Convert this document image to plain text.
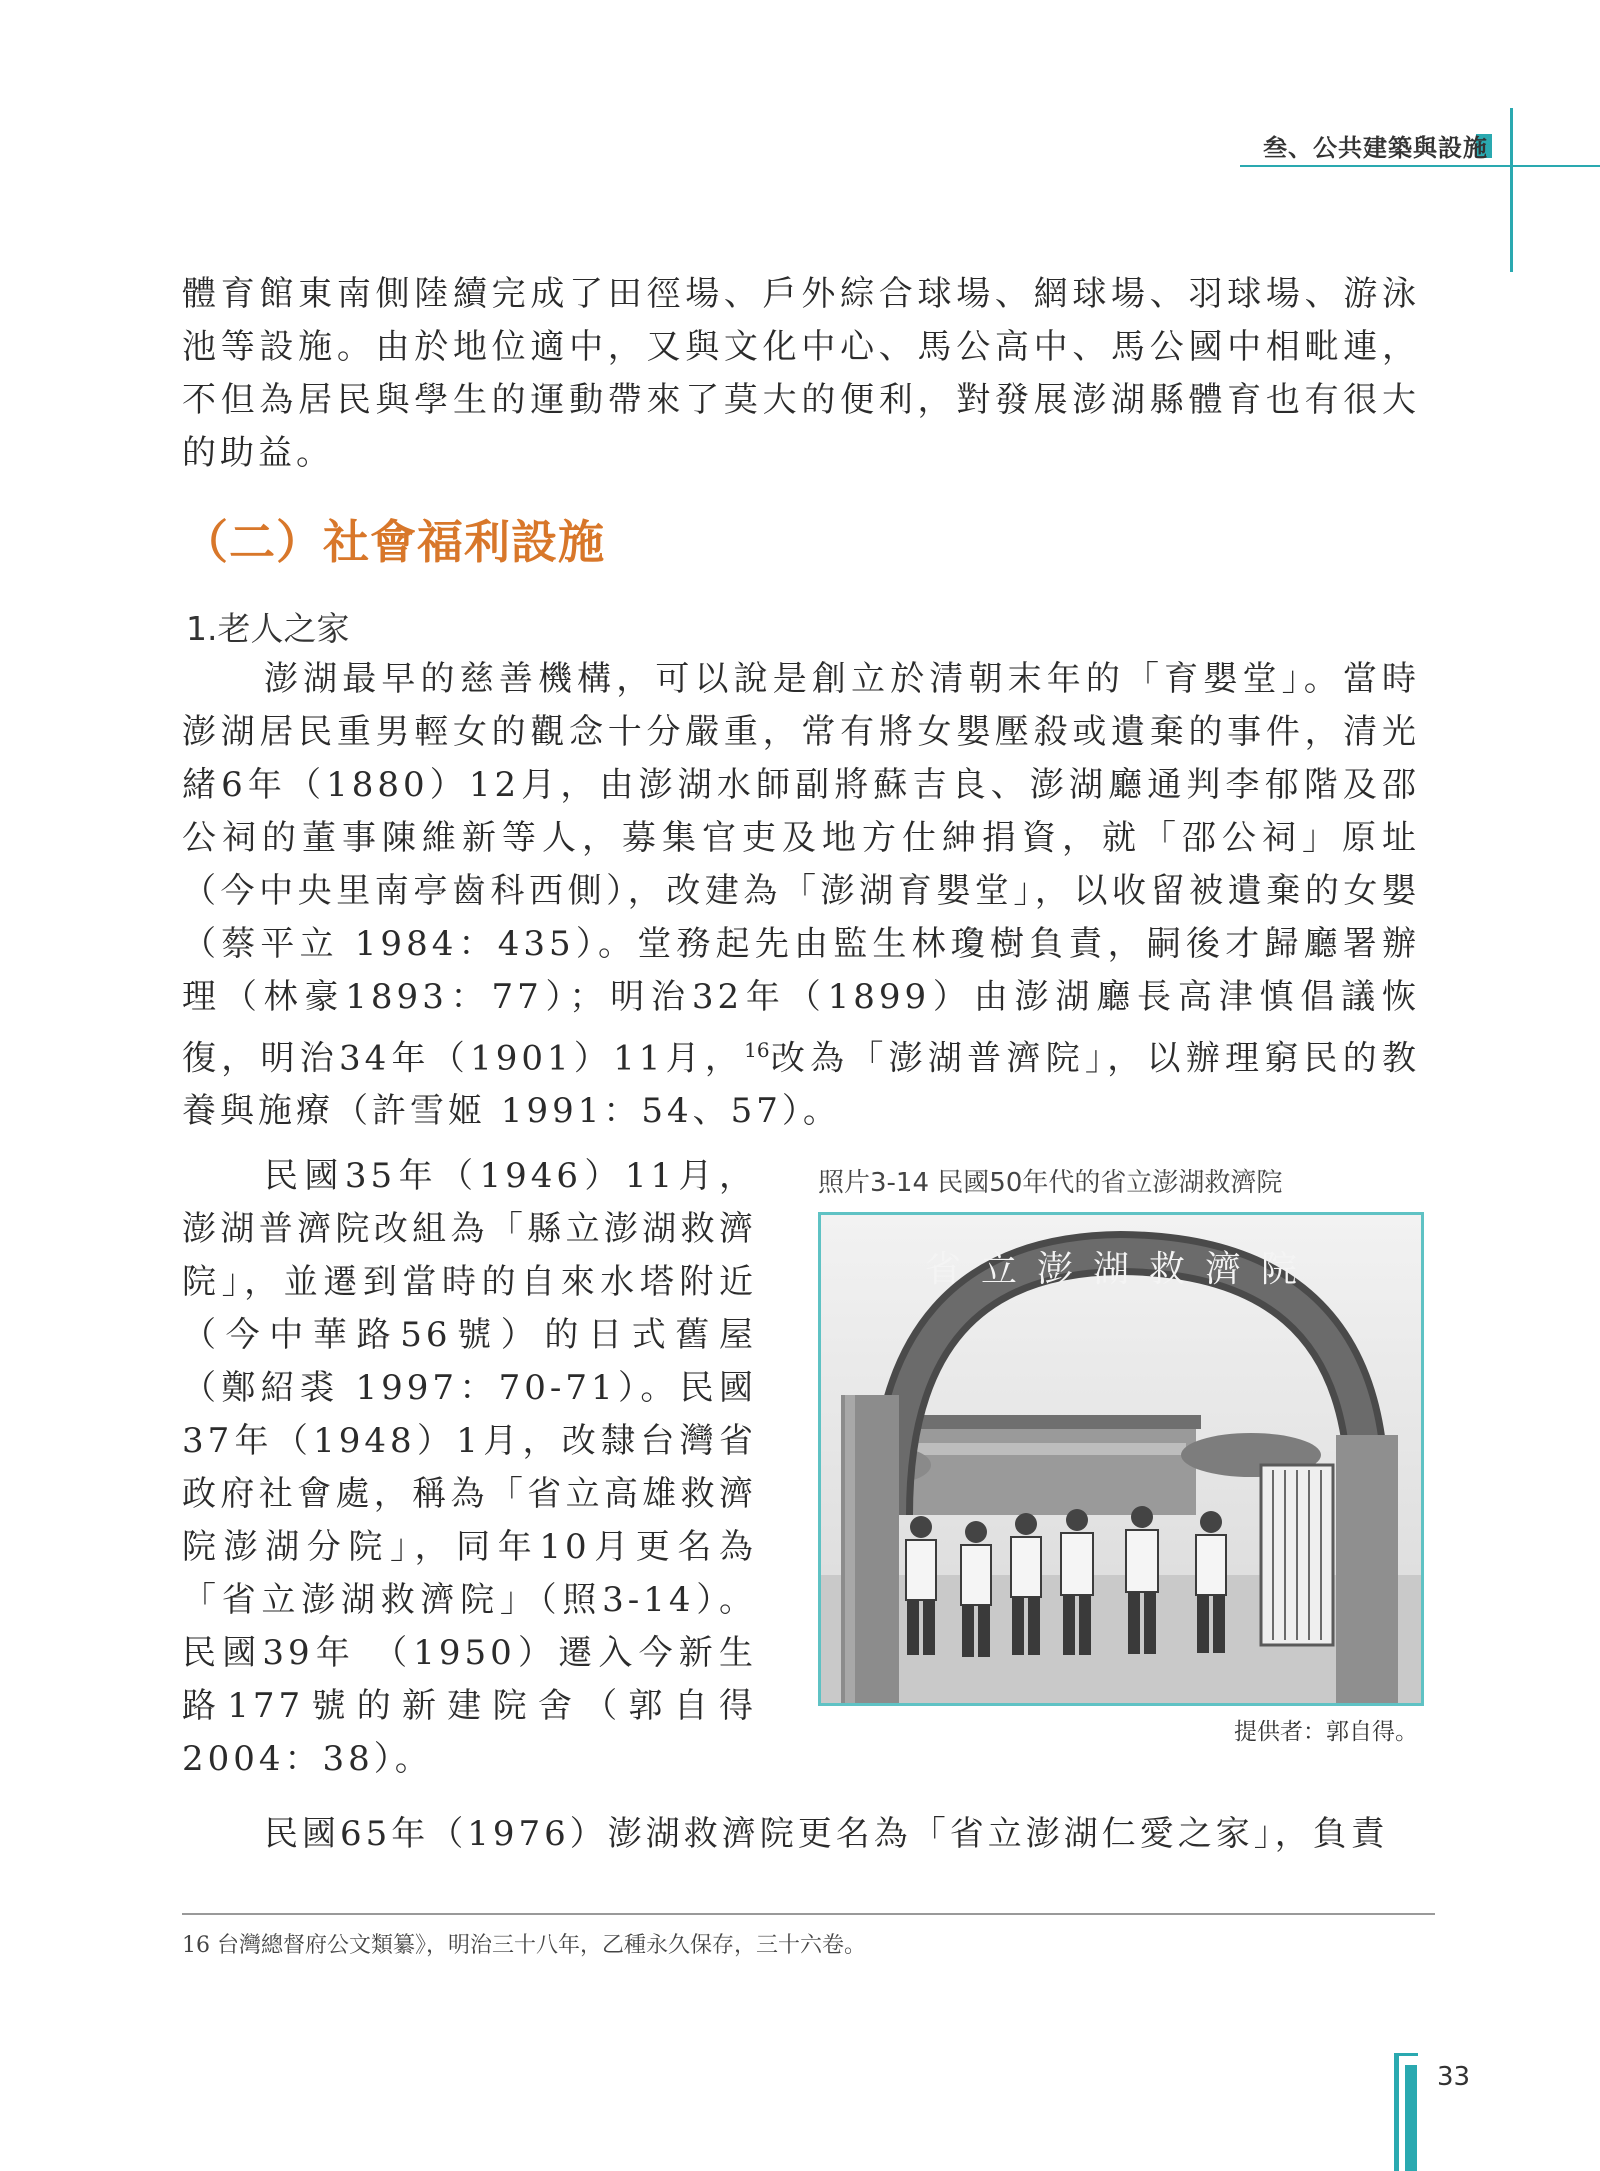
叁、公共建築與設施

體育館東南側陸續完成了田徑場、戶外綜合球場、網球場、羽球場、游泳池等設施。由於地位適中，又與文化中心、馬公高中、馬公國中相毗連，不但為居民與學生的運動帶來了莫大的便利，對發展澎湖縣體育也有很大的助益。

（二）社會福利設施
1.老人之家

澎湖最早的慈善機構，可以說是創立於清朝末年的「育嬰堂」。當時澎湖居民重男輕女的觀念十分嚴重，常有將女嬰壓殺或遺棄的事件，清光緒6年（1880）12月，由澎湖水師副將蘇吉良、澎湖廳通判李郁階及邵公祠的董事陳維新等人，募集官吏及地方仕紳捐資，就「邵公祠」原址（今中央里南亭齒科西側），改建為「澎湖育嬰堂」，以收留被遺棄的女嬰（蔡平立 1984：435）。堂務起先由監生林瓊樹負責，嗣後才歸廳署辦理（林豪1893：77）；明治32年（1899）由澎湖廳長高津慎倡議恢復，明治34年（1901）11月，$^{16}$改為「澎湖普濟院」，以辦理窮民的教養與施療（許雪姬 1991：54、57）。

民國35年（1946）11月，澎湖普濟院改組為「縣立澎湖救濟院」，並遷到當時的自來水塔附近（今中華路56號）的日式舊屋（鄭紹裘 1997：70-71）。民國37年（1948）1月，改隸台灣省政府社會處，稱為「省立高雄救濟院澎湖分院」，同年10月更名為「省立澎湖救濟院」（照3-14）。民國39年 （1950）遷入今新生路177號的新建院舍（郭自得2004：38）。

照片3-14 民國50年代的省立澎湖救濟院
省立澎湖救濟院
提供者：郭自得。

民國65年（1976）澎湖救濟院更名為「省立澎湖仁愛之家」，負責

16 台灣總督府公文類纂》，明治三十八年，乙種永久保存，三十六卷。
33
